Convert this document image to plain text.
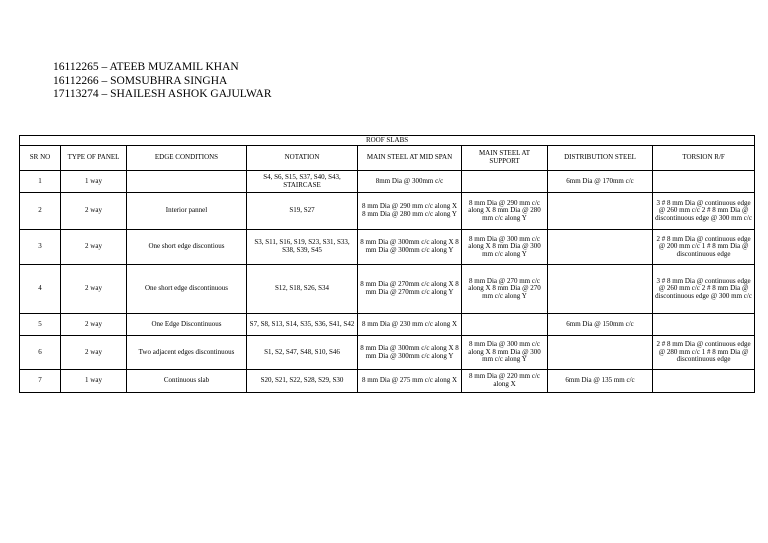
16112265 – ATEEB MUZAMIL KHAN
16112266 – SOMSUBHRA SINGHA
17113274 – SHAILESH ASHOK GAJULWAR
ROOF SLABS							
SR NO	TYPE OF PANEL	EDGE CONDITIONS	NOTATION	MAIN STEEL AT MID SPAN	MAIN STEEL AT SUPPORT	DISTRIBUTION STEEL	TORSION R/F
1	1 way		S4, S6, S15, S37, S40, S43, STAIRCASE	8mm Dia @ 300mm c/c		6mm Dia @ 170mm c/c	
2	2 way	Interior pannel	S19, S27	8 mm Dia @ 290 mm c/c along X 8 mm Dia @ 280 mm c/c along Y	8 mm Dia @ 290 mm c/c along X 8 mm Dia @ 280 mm c/c along Y		3 # 8 mm Dia @ continuous edge @ 260 mm c/c 2 # 8 mm Dia @ discontinuous edge @ 300 mm c/c
3	2 way	One short edge discontious	S3, S11, S16, S19, S23, S31, S33, S38, S39, S45	8 mm Dia @ 300mm c/c along X 8 mm Dia @ 300mm c/c along Y	8 mm Dia @ 300 mm c/c along X 8 mm Dia @ 300 mm c/c along Y		2 # 8 mm Dia @ continuous edge @ 200 mm c/c 1 # 8 mm Dia @ discontinuous edge
4	2 way	One short edge discontinuous	S12, S18, S26, S34	8 mm Dia @ 270mm c/c along X 8 mm Dia @ 270mm c/c along Y	8 mm Dia @ 270 mm c/c along X 8 mm Dia @ 270 mm c/c along Y		3 # 8 mm Dia @ continuous edge @ 260 mm c/c 2 # 8 mm Dia @ discontinuous edge @ 300 mm c/c
5	2 way	One Edge Discontinuous	S7, S8, S13, S14, S35, S36, S41, S42	8 mm Dia @ 230 mm c/c along X		6mm Dia @ 150mm c/c	
6	2 way	Two adjacent edges discontinuous	S1, S2, S47, S48, S10, S46	8 mm Dia @ 300mm c/c along X 8 mm Dia @ 300mm c/c along Y	8 mm Dia @ 300 mm c/c along X 8 mm Dia @ 300 mm c/c along Y		2 # 8 mm Dia @ continuous edge @ 280 mm c/c 1 # 8 mm Dia @ discontinuous edge
7	1 way	Continuous slab	S20, S21, S22, S28, S29, S30	8 mm Dia @ 275 mm c/c along X	8 mm Dia @ 220 mm c/c along X	6mm Dia @ 135 mm c/c	
